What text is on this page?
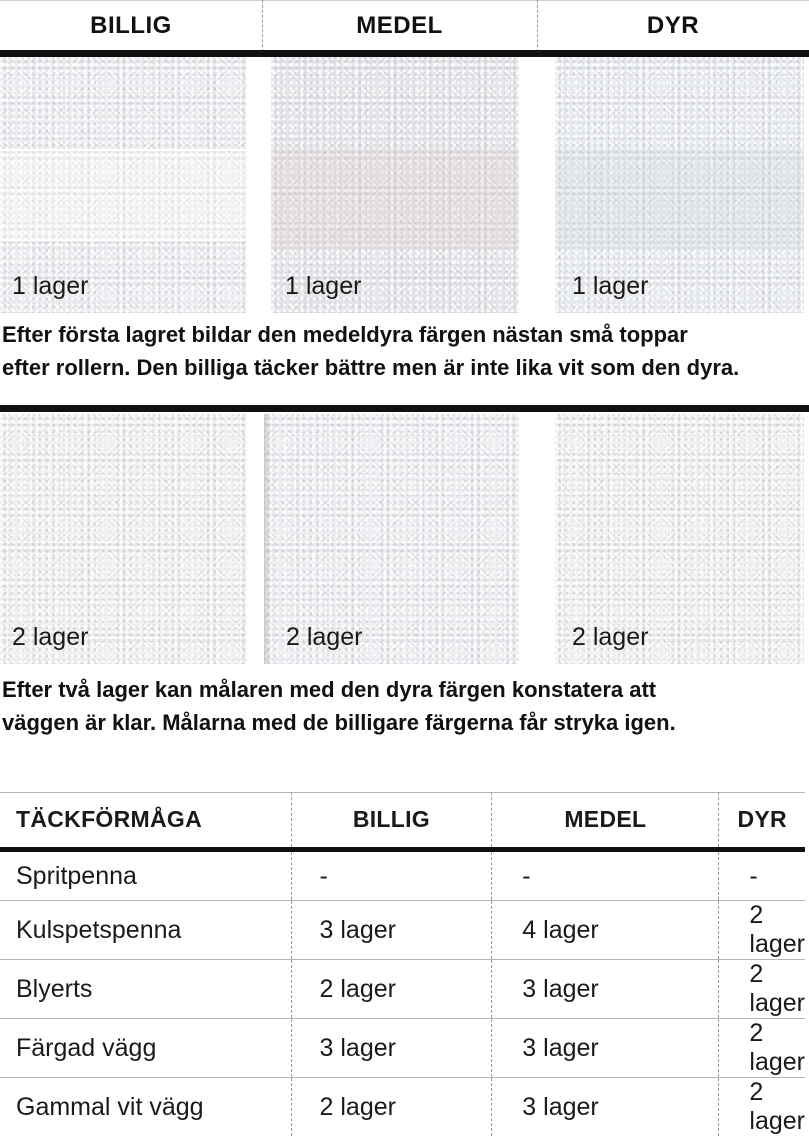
BILLIG	MEDEL	DYR
1 lager	1 lager	1 lager
Efter första lagret bildar den medeldyra färgen nästan små toppar
efter rollern. Den billiga täcker bättre men är inte lika vit som den dyra.
2 lager	2 lager	2 lager
Efter två lager kan målaren med den dyra färgen konstatera att
väggen är klar. Målarna med de billigare färgerna får stryka igen.
TÄCKFÖRMÅGA	BILLIG	MEDEL	DYR
Spritpenna	-	-	-
Kulspetspenna	3 lager	4 lager	2 lager
Blyerts	2 lager	3 lager	2 lager
Färgad vägg	3 lager	3 lager	2 lager
Gammal vit vägg	2 lager	3 lager	2 lager
